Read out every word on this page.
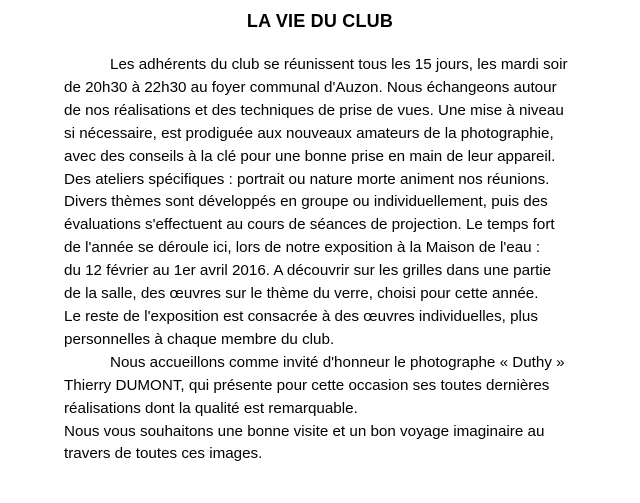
LA VIE DU CLUB
Les adhérents du club se réunissent tous les 15 jours, les mardi soir
de 20h30 à 22h30 au foyer communal d'Auzon. Nous échangeons autour
de nos réalisations et des techniques de prise de vues. Une mise à niveau
si nécessaire, est prodiguée aux nouveaux amateurs de la photographie,
avec des conseils à la clé pour une bonne prise en main de leur appareil.
Des ateliers spécifiques : portrait ou nature morte animent nos réunions.
Divers thèmes sont développés en groupe ou individuellement, puis des
évaluations s'effectuent au cours de séances de projection. Le temps fort
de l'année se déroule ici, lors de notre exposition à la Maison de l'eau :
du 12 février au 1er avril 2016. A découvrir sur les grilles dans une partie
de la salle, des œuvres sur le thème du verre, choisi pour cette année.
Le reste de l'exposition est consacrée à des œuvres individuelles, plus
personnelles à chaque membre du club.
Nous accueillons comme invité d'honneur le photographe « Duthy »
Thierry DUMONT, qui présente pour cette occasion ses toutes dernières
réalisations dont la qualité est remarquable.
Nous vous souhaitons une bonne visite et un bon voyage imaginaire au
travers de toutes ces images.
